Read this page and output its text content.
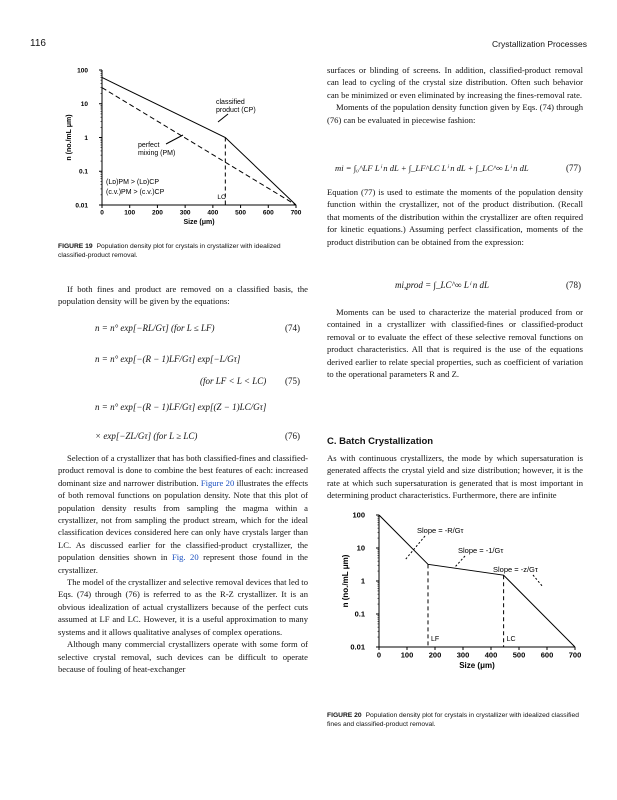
116	Crystallization Processes
0	100	200	300	400	500	600	700
100
10
1
0.1
0.01
Size (μm)
n (no./mL μm)
LC
classified
product (CP)
perfect
mixing (PM)
(Lᴅ)PM > (Lᴅ)CP
(c.v.)PM > (c.v.)CP
FIGURE 19 Population density plot for crystals in crystallizer with idealized classified-product removal.

If both fines and product are removed on a classified basis, the population density will be given by the equations:

n = n° exp[−RL/Gτ] (for L ≤ LF)	(74)
n = n° exp[−(R − 1)LF/Gτ] exp[−L/Gτ]
(for LF < L < LC) (75)
n = n° exp[−(R − 1)LF/Gτ] exp[(Z − 1)LC/Gτ]
× exp[−ZL/Gτ] (for L ≥ LC)	(76)

Selection of a crystallizer that has both classified-fines and classified-product removal is done to combine the best features of each: increased dominant size and narrower distribution. Figure 20 illustrates the effects of both removal functions on population density. Note that this plot of population density results from sampling the magma within a crystallizer, not from sampling the product stream, which for the ideal classification devices considered here can only have crystals larger than LC. As discussed earlier for the classified-product crystallizer, the population densities shown in Fig. 20 represent those found in the crystallizer.

The model of the crystallizer and selective removal devices that led to Eqs. (74) through (76) is referred to as the R-Z crystallizer. It is an obvious idealization of actual crystallizers because of the perfect cuts assumed at LF and LC. However, it is a useful approximation to many systems and it allows qualitative analyses of complex operations.

Although many commercial crystallizers operate with some form of selective crystal removal, such devices can be difficult to operate because of fouling of heat-exchanger

surfaces or blinding of screens. In addition, classified-product removal can lead to cycling of the crystal size distribution. Often such behavior can be minimized or even eliminated by increasing the fines-removal rate.

Moments of the population density function given by Eqs. (74) through (76) can be evaluated in piecewise fashion:

mi = ∫₀^LF Lⁱ n dL + ∫_LF^LC Lⁱ n dL + ∫_LC^∞ Lⁱ n dL	(77)

Equation (77) is used to estimate the moments of the population density function within the crystallizer, not of the product distribution. (Recall that moments of the distribution within the crystallizer are often required for kinetic equations.) Assuming perfect classification, moments of the product distribution can be obtained from the expression:

mi,prod = ∫_LC^∞ Lⁱ n dL	(78)

Moments can be used to characterize the material produced from or contained in a crystallizer with classified-fines or classified-product removal or to evaluate the effect of these selective removal functions on product characteristics. All that is required is the use of the equations derived earlier to relate special properties, such as coefficient of variation to the operational parameters R and Z.

C. Batch Crystallization

As with continuous crystallizers, the mode by which supersaturation is generated affects the crystal yield and size distribution; however, it is the rate at which such supersaturation is generated that is most important in determining product characteristics. Furthermore, there are infinite

0	100 200 300 400 500 600 700
100
10
1
0.1
0.01
Size (μm)
n (no./mL μm)
LF	LC
Slope = -R/Gτ
Slope = -1/Gτ
Slope = -z/Gτ
FIGURE 20 Population density plot for crystals in crystallizer with idealized classified fines and classified-product removal.
